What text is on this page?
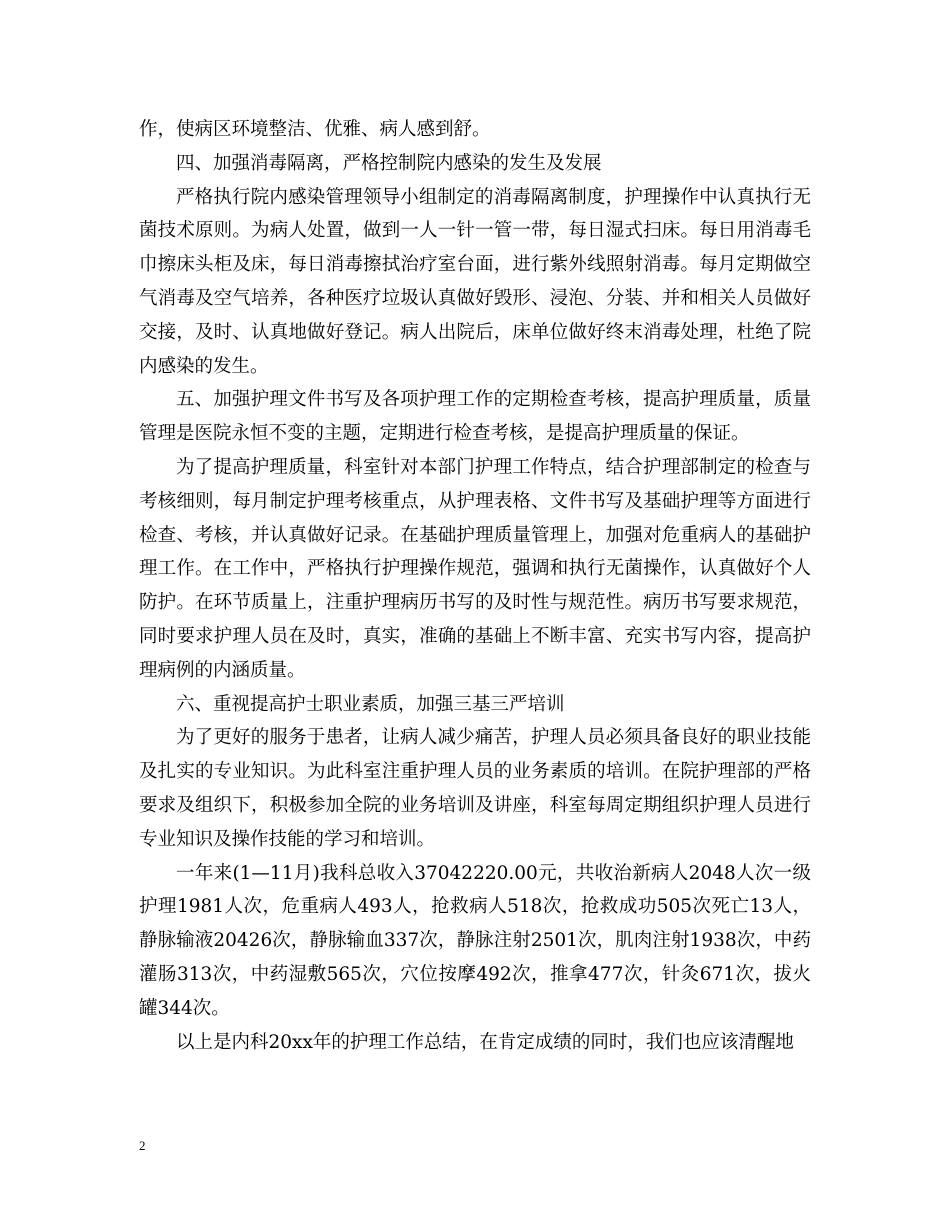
作，使病区环境整洁、优雅、病人感到舒。

四、加强消毒隔离，严格控制院内感染的发生及发展

严格执行院内感染管理领导小组制定的消毒隔离制度，护理操作中认真执行无菌技术原则。为病人处置，做到一人一针一管一带，每日湿式扫床。每日用消毒毛巾擦床头柜及床，每日消毒擦拭治疗室台面，进行紫外线照射消毒。每月定期做空气消毒及空气培养，各种医疗垃圾认真做好毁形、浸泡、分装、并和相关人员做好交接，及时、认真地做好登记。病人出院后，床单位做好终末消毒处理，杜绝了院内感染的发生。

五、加强护理文件书写及各项护理工作的定期检查考核，提高护理质量，质量管理是医院永恒不变的主题，定期进行检查考核，是提高护理质量的保证。

为了提高护理质量，科室针对本部门护理工作特点，结合护理部制定的检查与考核细则，每月制定护理考核重点，从护理表格、文件书写及基础护理等方面进行检查、考核，并认真做好记录。在基础护理质量管理上，加强对危重病人的基础护理工作。在工作中，严格执行护理操作规范，强调和执行无菌操作，认真做好个人防护。在环节质量上，注重护理病历书写的及时性与规范性。病历书写要求规范，同时要求护理人员在及时，真实，准确的基础上不断丰富、充实书写内容，提高护理病例的内涵质量。

六、重视提高护士职业素质，加强三基三严培训

为了更好的服务于患者，让病人减少痛苦，护理人员必须具备良好的职业技能及扎实的专业知识。为此科室注重护理人员的业务素质的培训。在院护理部的严格要求及组织下，积极参加全院的业务培训及讲座，科室每周定期组织护理人员进行专业知识及操作技能的学习和培训。

一年来(1—11月)我科总收入37042220.00元，共收治新病人2048人次一级护理1981人次，危重病人493人，抢救病人518次，抢救成功505次死亡13人，静脉输液20426次，静脉输血337次，静脉注射2501次，肌肉注射1938次，中药灌肠313次，中药湿敷565次，穴位按摩492次，推拿477次，针灸671次，拔火罐344次。

以上是内科20xx年的护理工作总结，在肯定成绩的同时，我们也应该清醒地

2
